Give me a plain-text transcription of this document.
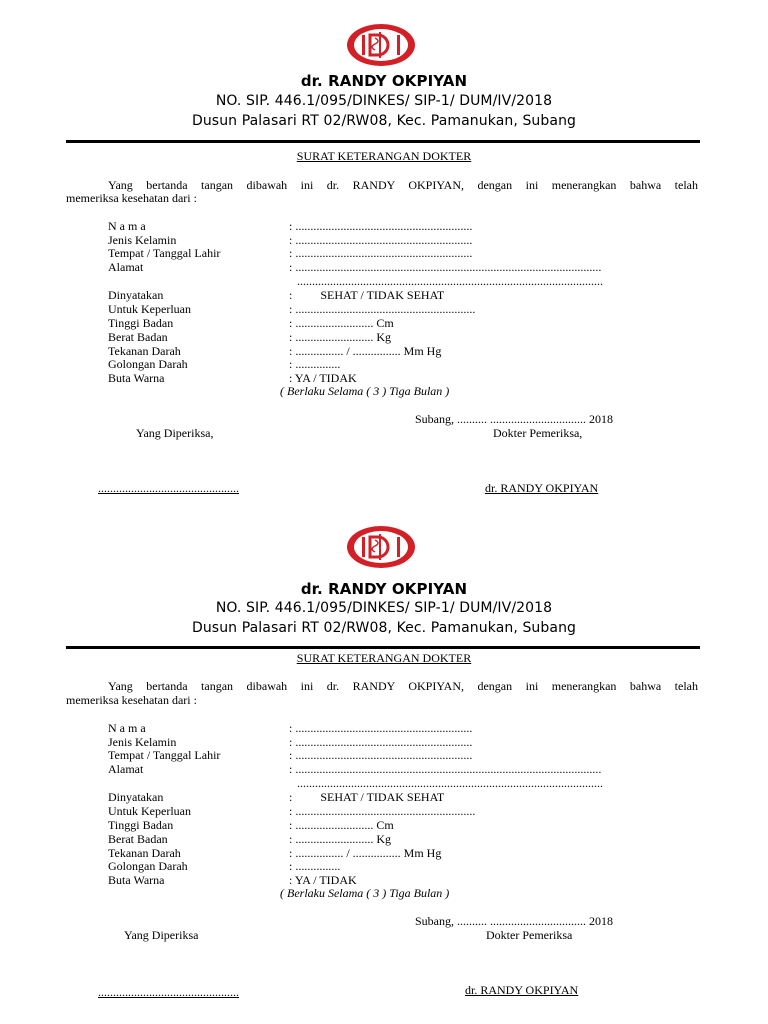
dr. RANDY OKPIYAN
NO. SIP. 446.1/095/DINKES/ SIP-1/ DUM/IV/2018
Dusun Palasari RT 02/RW08, Kec. Pamanukan, Subang
SURAT KETERANGAN DOKTER
Yang bertanda tangan dibawah ini dr. RANDY OKPIYAN, dengan ini menerangkan bahwa telah
memeriksa kesehatan dari :
N a m a	: ...........................................................
Jenis Kelamin	: ...........................................................
Tempat / Tanggal Lahir	: ...........................................................
Alamat	: ......................................................................................................
......................................................................................................
Dinyatakan	: SEHAT / TIDAK SEHAT
Untuk Keperluan	: ............................................................
Tinggi Badan	: .......................... Cm
Berat Badan	: .......................... Kg
Tekanan Darah	: ................ / ................ Mm Hg
Golongan Darah	: ...............
Buta Warna	: YA / TIDAK
( Berlaku Selama ( 3 ) Tiga Bulan )
Subang, .......... ................................ 2018
Yang Diperiksa,	Dokter Pemeriksa,
...............................................	dr. RANDY OKPIYAN
dr. RANDY OKPIYAN
NO. SIP. 446.1/095/DINKES/ SIP-1/ DUM/IV/2018
Dusun Palasari RT 02/RW08, Kec. Pamanukan, Subang
SURAT KETERANGAN DOKTER
Yang bertanda tangan dibawah ini dr. RANDY OKPIYAN, dengan ini menerangkan bahwa telah
memeriksa kesehatan dari :
N a m a	: ...........................................................
Jenis Kelamin	: ...........................................................
Tempat / Tanggal Lahir	: ...........................................................
Alamat	: ......................................................................................................
......................................................................................................
Dinyatakan	: SEHAT / TIDAK SEHAT
Untuk Keperluan	: ............................................................
Tinggi Badan	: .......................... Cm
Berat Badan	: .......................... Kg
Tekanan Darah	: ................ / ................ Mm Hg
Golongan Darah	: ...............
Buta Warna	: YA / TIDAK
( Berlaku Selama ( 3 ) Tiga Bulan )
Subang, .......... ................................ 2018
Yang Diperiksa	Dokter Pemeriksa
...............................................	dr. RANDY OKPIYAN
